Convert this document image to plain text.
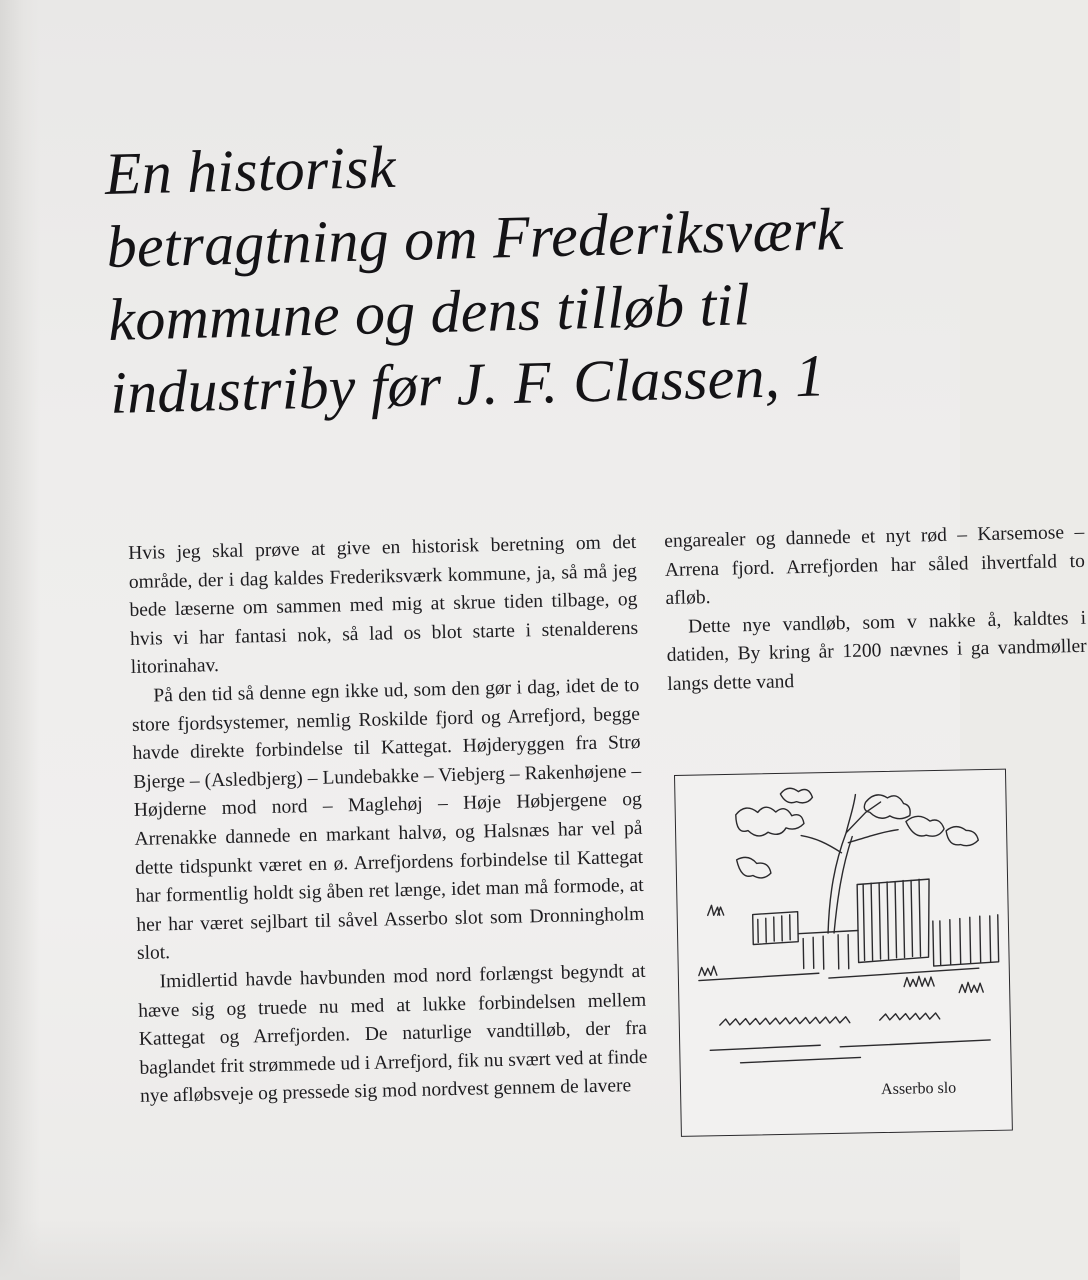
En historisk
betragtning om Frederiksværk
kommune og dens tilløb til
industriby før J. F. Classen, 1

Hvis jeg skal prøve at give en historisk beretning om det område, der i dag kaldes Frederiksværk kommune, ja, så må jeg bede læserne om sammen med mig at skrue tiden tilbage, og hvis vi har fantasi nok, så lad os blot starte i stenalderens litorinahav.

På den tid så denne egn ikke ud, som den gør i dag, idet de to store fjordsystemer, nemlig Roskilde fjord og Arrefjord, begge havde direkte forbindelse til Kattegat. Højderyggen fra Strø Bjerge – (Asledbjerg) – Lundebakke – Viebjerg – Rakenhøjene – Højderne mod nord – Maglehøj – Høje Høbjergene og Arrenakke dannede en markant halvø, og Halsnæs har vel på dette tidspunkt været en ø. Arrefjordens forbindelse til Kattegat har formentlig holdt sig åben ret længe, idet man må formode, at her har været sejlbart til såvel Asserbo slot som Dronningholm slot.

Imidlertid havde havbunden mod nord forlængst begyndt at hæve sig og truede nu med at lukke forbindelsen mellem Kattegat og Arrefjorden. De naturlige vandtilløb, der fra baglandet frit strømmede ud i Arrefjord, fik nu svært ved at finde nye afløbsveje og pressede sig mod nordvest gennem de lavere

engarealer og dannede et nyt rød – Karsemose – Arrena fjord. Arrefjorden har såled ihvertfald to afløb.

Dette nye vandløb, som v nakke å, kaldtes i datiden, By kring år 1200 nævnes i ga vandmøller langs dette vand

Asserbo slo
